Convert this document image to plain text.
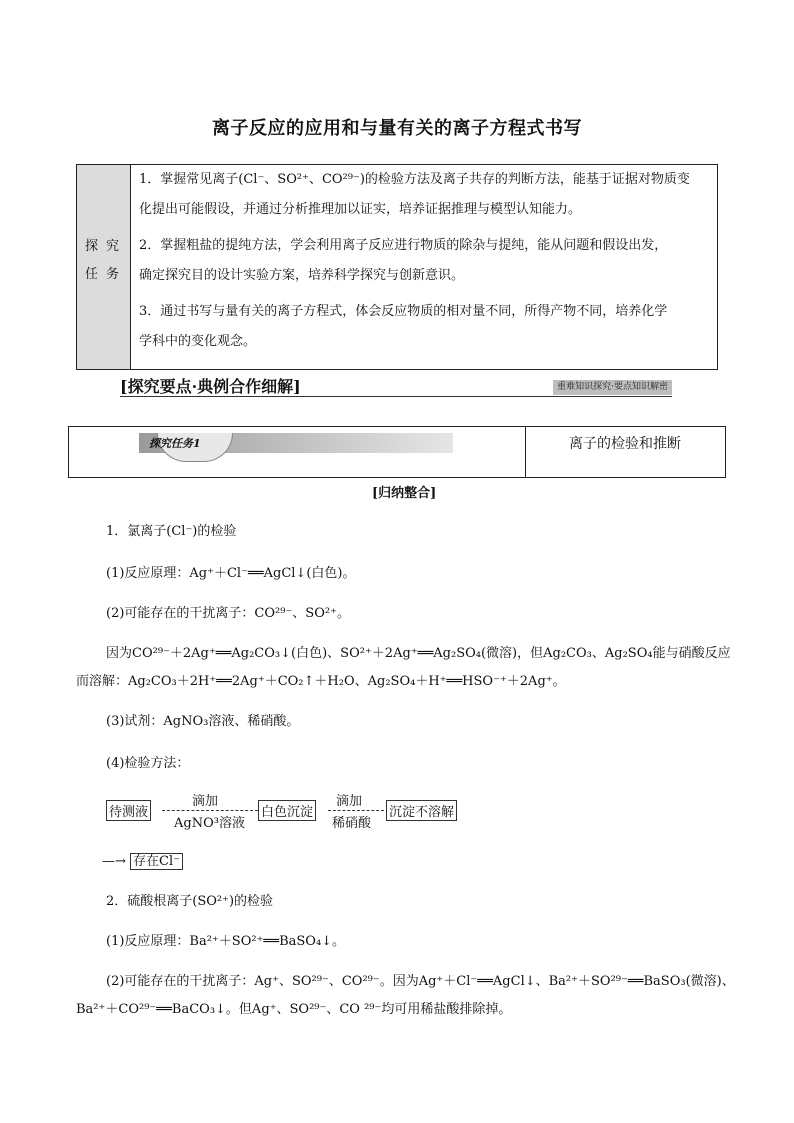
离子反应的应用和与量有关的离子方程式书写
探究
任务
1．掌握常见离子(Cl⁻、SO²⁺、CO²⁹⁻)的检验方法及离子共存的判断方法，能基于证据对物质变
化提出可能假设，并通过分析推理加以证实，培养证据推理与模型认知能力。
2．掌握粗盐的提纯方法，学会利用离子反应进行物质的除杂与提纯，能从问题和假设出发，
确定探究目的设计实验方案，培养科学探究与创新意识。
3．通过书写与量有关的离子方程式，体会反应物质的相对量不同，所得产物不同，培养化学
学科中的变化观念。
[探究要点·典例合作细解]	重难知识探究·要点知识解密
探究任务1	离子的检验和推断
[归纳整合]
1．氯离子(Cl⁻)的检验
(1)反应原理：Ag⁺＋Cl⁻══AgCl↓(白色)。
(2)可能存在的干扰离子：CO²⁹⁻、SO²⁺。
因为CO²⁹⁻＋2Ag⁺══Ag₂CO₃↓(白色)、SO²⁺＋2Ag⁺══Ag₂SO₄(微溶)，但Ag₂CO₃、Ag₂SO₄能与硝酸反应
而溶解：Ag₂CO₃＋2H⁺══2Ag⁺＋CO₂↑＋H₂O、Ag₂SO₄＋H⁺══HSO⁻⁺＋2Ag⁺。
(3)试剂：AgNO₃溶液、稀硝酸。
(4)检验方法：
待测液
滴加
AgNO³溶液
白色沉淀
滴加
稀硝酸
沉淀不溶解
—→ 存在Cl⁻
2．硫酸根离子(SO²⁺)的检验
(1)反应原理：Ba²⁺＋SO²⁺══BaSO₄↓。
(2)可能存在的干扰离子：Ag⁺、SO²⁹⁻、CO²⁹⁻。因为Ag⁺＋Cl⁻══AgCl↓、Ba²⁺＋SO²⁹⁻══BaSO₃(微溶)、
Ba²⁺＋CO²⁹⁻══BaCO₃↓。但Ag⁺、SO²⁹⁻、CO ²⁹⁻均可用稀盐酸排除掉。
